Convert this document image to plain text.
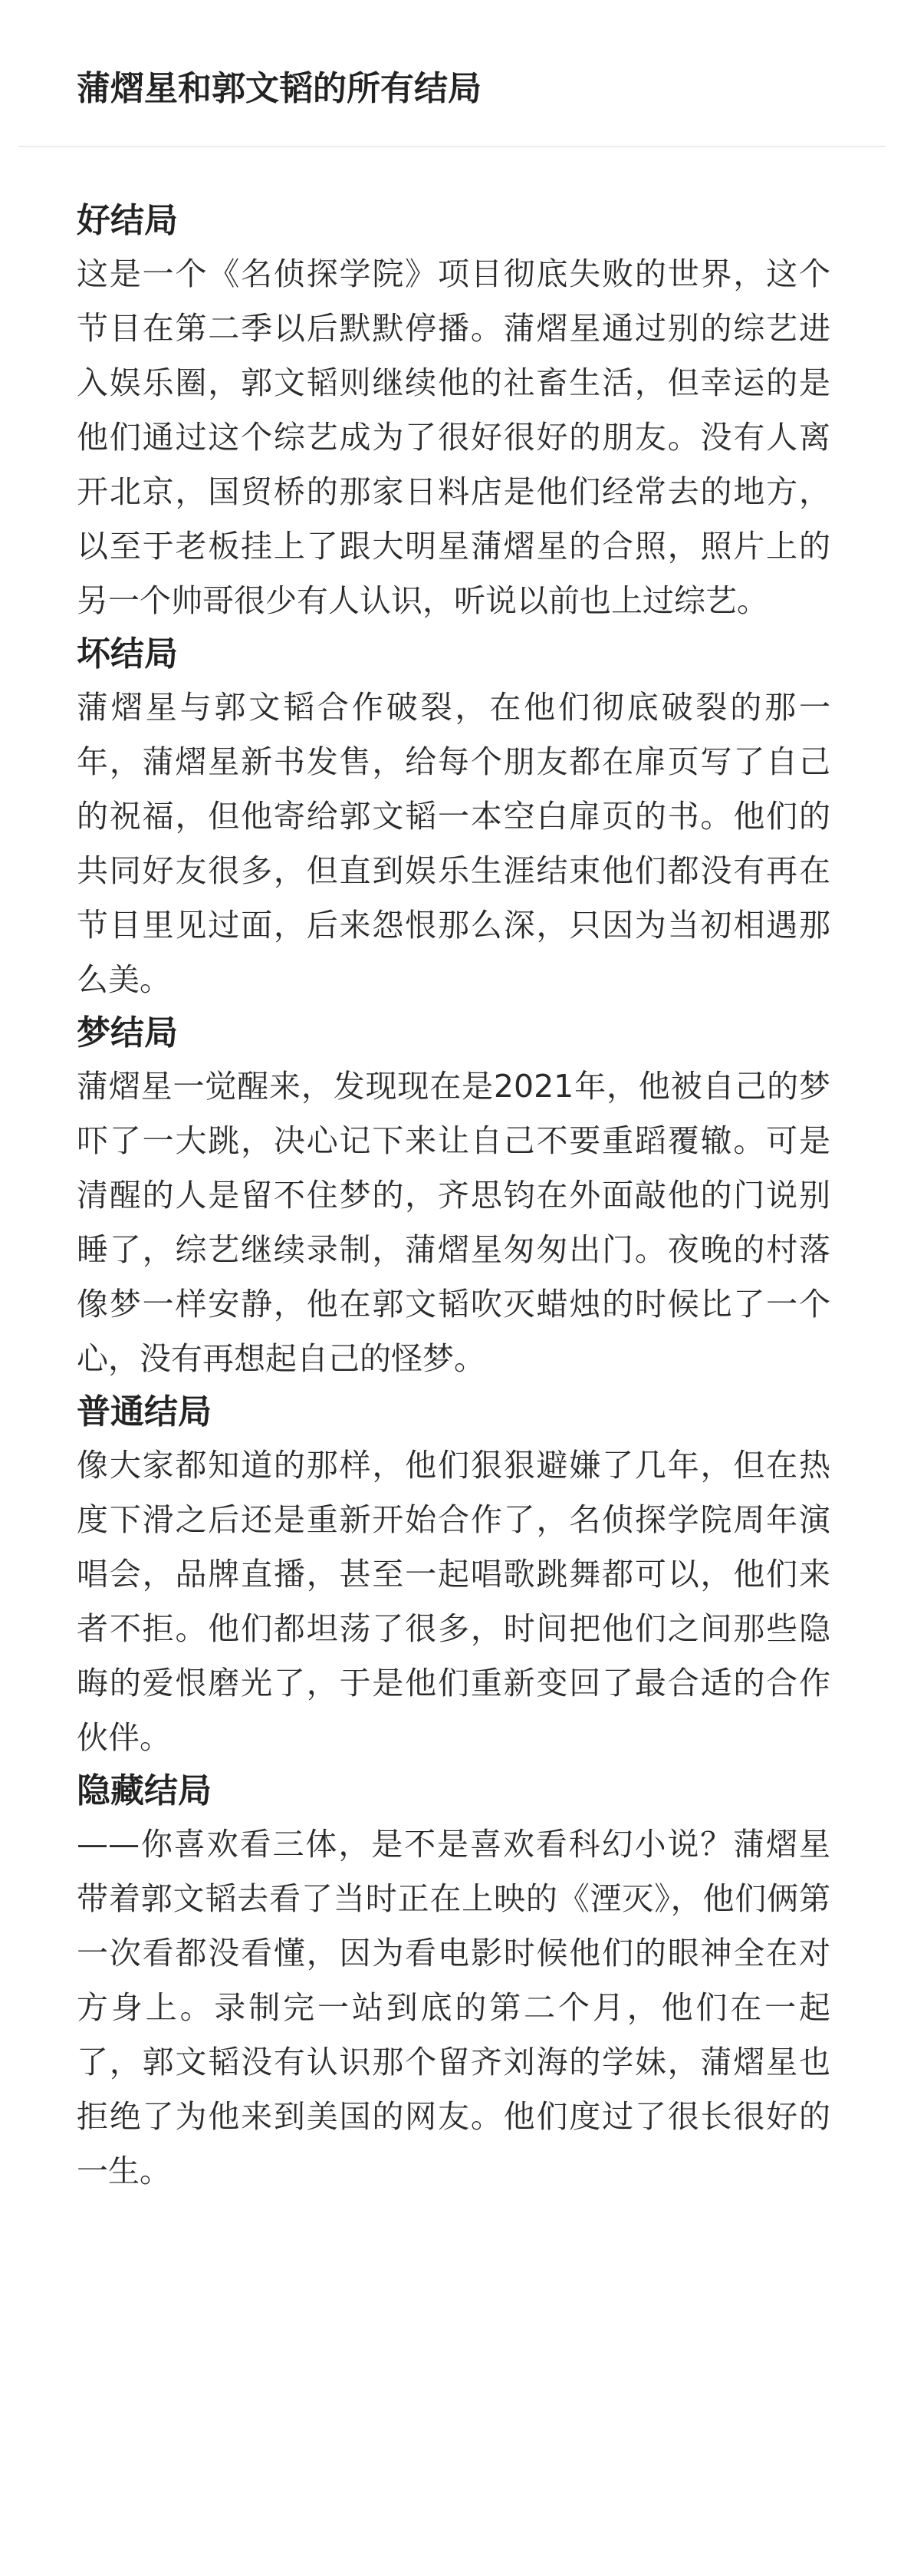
蒲熠星和郭文韬的所有结局
好结局
这是一个《名侦探学院》项目彻底失败的世界，这个节目在第二季以后默默停播。蒲熠星通过别的综艺进入娱乐圈，郭文韬则继续他的社畜生活，但幸运的是他们通过这个综艺成为了很好很好的朋友。没有人离开北京，国贸桥的那家日料店是他们经常去的地方，以至于老板挂上了跟大明星蒲熠星的合照，照片上的另一个帅哥很少有人认识，听说以前也上过综艺。
坏结局
蒲熠星与郭文韬合作破裂，在他们彻底破裂的那一年，蒲熠星新书发售，给每个朋友都在扉页写了自己的祝福，但他寄给郭文韬一本空白扉页的书。他们的共同好友很多，但直到娱乐生涯结束他们都没有再在节目里见过面，后来怨恨那么深，只因为当初相遇那么美。
梦结局
蒲熠星一觉醒来，发现现在是2021年，他被自己的梦吓了一大跳，决心记下来让自己不要重蹈覆辙。可是清醒的人是留不住梦的，齐思钧在外面敲他的门说别睡了，综艺继续录制，蒲熠星匆匆出门。夜晚的村落像梦一样安静，他在郭文韬吹灭蜡烛的时候比了一个心，没有再想起自己的怪梦。
普通结局
像大家都知道的那样，他们狠狠避嫌了几年，但在热度下滑之后还是重新开始合作了，名侦探学院周年演唱会，品牌直播，甚至一起唱歌跳舞都可以，他们来者不拒。他们都坦荡了很多，时间把他们之间那些隐晦的爱恨磨光了，于是他们重新变回了最合适的合作伙伴。
隐藏结局
——你喜欢看三体，是不是喜欢看科幻小说？蒲熠星带着郭文韬去看了当时正在上映的《湮灭》，他们俩第一次看都没看懂，因为看电影时候他们的眼神全在对方身上。录制完一站到底的第二个月，他们在一起了，郭文韬没有认识那个留齐刘海的学妹，蒲熠星也拒绝了为他来到美国的网友。他们度过了很长很好的一生。
